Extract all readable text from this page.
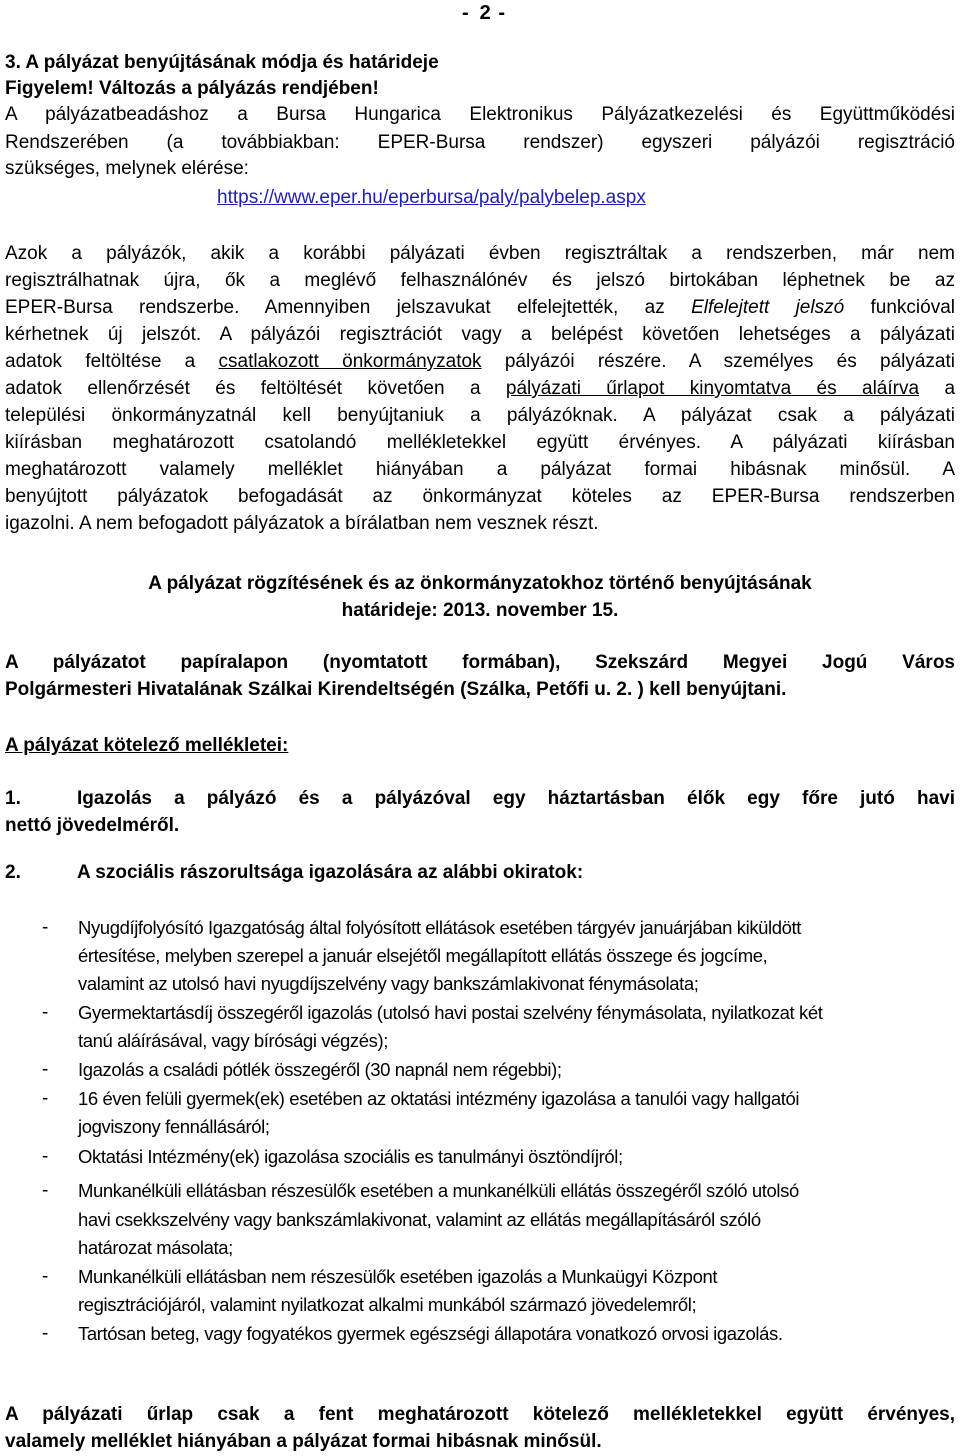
- 2 -
3. A pályázat benyújtásának módja és határideje
Figyelem! Változás a pályázás rendjében!
A pályázatbeadáshoz a Bursa Hungarica Elektronikus Pályázatkezelési és Együttműködési
Rendszerében (a továbbiakban: EPER-Bursa rendszer) egyszeri pályázói regisztráció
szükséges, melynek elérése:
https://www.eper.hu/eperbursa/paly/palybelep.aspx
Azok a pályázók, akik a korábbi pályázati évben regisztráltak a rendszerben, már nem
regisztrálhatnak újra, ők a meglévő felhasználónév és jelszó birtokában léphetnek be az
EPER-Bursa rendszerbe. Amennyiben jelszavukat elfelejtették, az Elfelejtett jelszó funkcióval
kérhetnek új jelszót. A pályázói regisztrációt vagy a belépést követően lehetséges a pályázati
adatok feltöltése a csatlakozott önkormányzatok pályázói részére. A személyes és pályázati
adatok ellenőrzését és feltöltését követően a pályázati űrlapot kinyomtatva és aláírva a
települési önkormányzatnál kell benyújtaniuk a pályázóknak. A pályázat csak a pályázati
kiírásban meghatározott csatolandó mellékletekkel együtt érvényes. A pályázati kiírásban
meghatározott valamely melléklet hiányában a pályázat formai hibásnak minősül. A
benyújtott pályázatok befogadását az önkormányzat köteles az EPER-Bursa rendszerben
igazolni. A nem befogadott pályázatok a bírálatban nem vesznek részt.
A pályázat rögzítésének és az önkormányzatokhoz történő benyújtásának
határideje: 2013. november 15.
A pályázatot papíralapon (nyomtatott formában), Szekszárd Megyei Jogú Város
Polgármesteri Hivatalának Szálkai Kirendeltségén (Szálka, Petőfi u. 2. ) kell benyújtani.
A pályázat kötelező mellékletei:
1.	Igazolás a pályázó és a pályázóval egy háztartásban élők egy főre jutó havi
nettó jövedelméről.
2.	A szociális rászorultsága igazolására az alábbi okiratok:
- Nyugdíjfolyósító Igazgatóság által folyósított ellátások esetében tárgyév januárjában kiküldött
értesítése, melyben szerepel a január elsejétől megállapított ellátás összege és jogcíme,
valamint az utolsó havi nyugdíjszelvény vagy bankszámlakivonat fénymásolata;
- Gyermektartásdíj összegéről igazolás (utolsó havi postai szelvény fénymásolata, nyilatkozat két
tanú aláírásával, vagy bírósági végzés);
- Igazolás a családi pótlék összegéről (30 napnál nem régebbi);
- 16 éven felüli gyermek(ek) esetében az oktatási intézmény igazolása a tanulói vagy hallgatói
jogviszony fennállásáról;
- Oktatási Intézmény(ek) igazolása szociális es tanulmányi ösztöndíjról;
- Munkanélküli ellátásban részesülők esetében a munkanélküli ellátás összegéről szóló utolsó
havi csekkszelvény vagy bankszámlakivonat, valamint az ellátás megállapításáról szóló
határozat másolata;
- Munkanélküli ellátásban nem részesülők esetében igazolás a Munkaügyi Központ
regisztrációjáról, valamint nyilatkozat alkalmi munkából származó jövedelemről;
- Tartósan beteg, vagy fogyatékos gyermek egészségi állapotára vonatkozó orvosi igazolás.
A pályázati űrlap csak a fent meghatározott kötelező mellékletekkel együtt érvényes,
valamely melléklet hiányában a pályázat formai hibásnak minősül.
